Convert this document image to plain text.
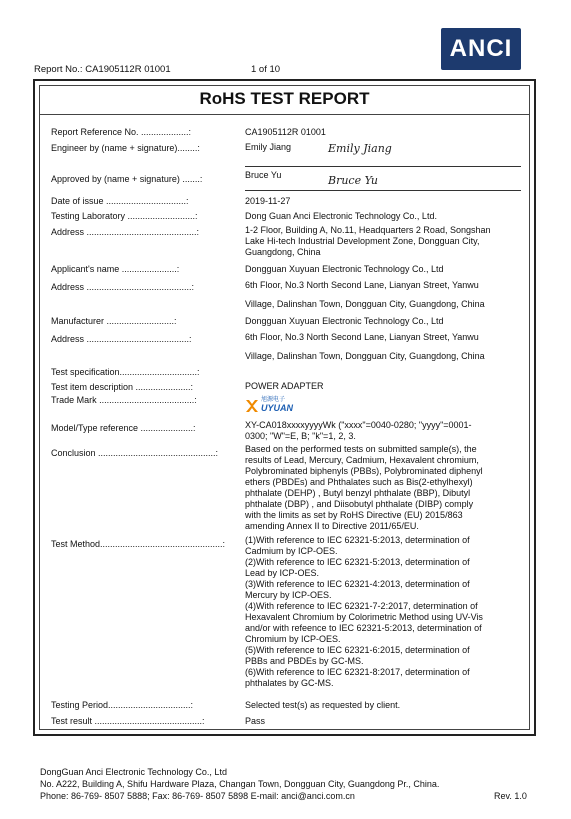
Report No.: CA1905112R 01001	1 of 10
ANCI
RoHS TEST REPORT
Report Reference No. ...................:	CA1905112R 01001
Engineer by (name + signature)........:	Emily Jiang	Emily Jiang
Approved by (name + signature) .......:	Bruce Yu	Bruce Yu
Date of issue ................................:	2019-11-27
Testing Laboratory ...........................:	Dong Guan Anci Electronic Technology Co., Ltd.
Address ............................................:	1-2 Floor, Building A, No.11, Headquarters 2 Road, Songshan
Lake Hi-tech Industrial Development Zone, Dongguan City,
Guangdong, China
Applicant's name ......................:	Dongguan Xuyuan Electronic Technology Co., Ltd
Address ..........................................:	6th Floor, No.3 North Second Lane, Lianyan Street, Yanwu
Village, Dalinshan Town, Dongguan City, Guangdong, China
Manufacturer ...........................:	Dongguan Xuyuan Electronic Technology Co., Ltd
Address .........................................:	6th Floor, No.3 North Second Lane, Lianyan Street, Yanwu
Village, Dalinshan Town, Dongguan City, Guangdong, China
Test specification...............................:
Test item description ......................:	POWER ADAPTER
Trade Mark ......................................:	旭源电子
UYUAN
Model/Type reference .....................:	XY-CA018xxxxyyyyWk ("xxxx"=0040-0280; "yyyy"=0001-
0300; "W"=E, B; "k"=1, 2, 3.
Conclusion ...............................................:	Based on the performed tests on submitted sample(s), the
results of Lead, Mercury, Cadmium, Hexavalent chromium,
Polybrominated biphenyls (PBBs), Polybrominated diphenyl
ethers (PBDEs) and Phthalates such as Bis(2-ethylhexyl)
phthalate (DEHP) , Butyl benzyl phthalate (BBP), Dibutyl
phthalate (DBP) , and Diisobutyl phthalate (DIBP) comply
with the limits as set by RoHS Directive (EU) 2015/863
amending Annex II to Directive 2011/65/EU.
Test Method.................................................: (1)With reference to IEC 62321-5:2013, determination of
Cadmium by ICP-OES.
(2)With reference to IEC 62321-5:2013, determination of
Lead by ICP-OES.
(3)With reference to IEC 62321-4:2013, determination of
Mercury by ICP-OES.
(4)With reference to IEC 62321-7-2:2017, determination of
Hexavalent Chromium by Colorimetric Method using UV-Vis
and/or with refeence to IEC 62321-5:2013, determination of
Chromium by ICP-OES.
(5)With reference to IEC 62321-6:2015, determination of
PBBs and PBDEs by GC-MS.
(6)With reference to IEC 62321-8:2017, determination of
phthalates by GC-MS.
Testing Period.................................:	Selected test(s) as requested by client.
Test result ...........................................:	Pass
DongGuan Anci Electronic Technology Co., Ltd
No. A222, Building A, Shifu Hardware Plaza, Changan Town, Dongguan City, Guangdong Pr., China.
Phone: 86-769- 8507 5888; Fax: 86-769- 8507 5898 E-mail: anci@anci.com.cn	Rev. 1.0
